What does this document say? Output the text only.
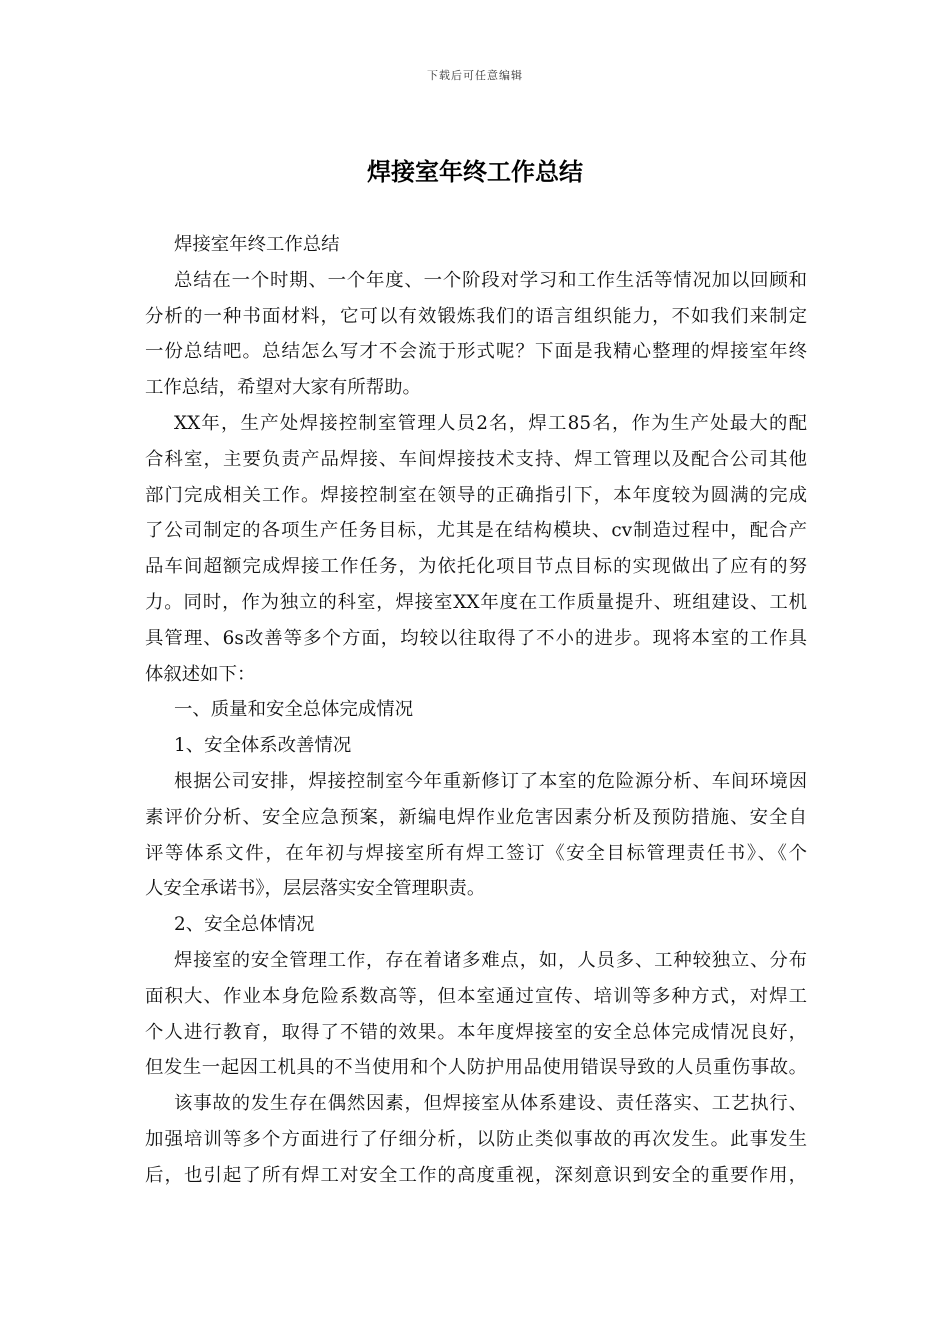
下载后可任意编辑
焊接室年终工作总结
焊接室年终工作总结
总结在一个时期、一个年度、一个阶段对学习和工作生活等情况加以回顾和
分析的一种书面材料，它可以有效锻炼我们的语言组织能力，不如我们来制定
一份总结吧。总结怎么写才不会流于形式呢？下面是我精心整理的焊接室年终
工作总结，希望对大家有所帮助。
XX年，生产处焊接控制室管理人员2名，焊工85名，作为生产处最大的配
合科室，主要负责产品焊接、车间焊接技术支持、焊工管理以及配合公司其他
部门完成相关工作。焊接控制室在领导的正确指引下，本年度较为圆满的完成
了公司制定的各项生产任务目标，尤其是在结构模块、cv制造过程中，配合产
品车间超额完成焊接工作任务，为依托化项目节点目标的实现做出了应有的努
力。同时，作为独立的科室，焊接室XX年度在工作质量提升、班组建设、工机
具管理、6s改善等多个方面，均较以往取得了不小的进步。现将本室的工作具
体叙述如下：
一、质量和安全总体完成情况
1、安全体系改善情况
根据公司安排，焊接控制室今年重新修订了本室的危险源分析、车间环境因
素评价分析、安全应急预案，新编电焊作业危害因素分析及预防措施、安全自
评等体系文件，在年初与焊接室所有焊工签订《安全目标管理责任书》、《个
人安全承诺书》，层层落实安全管理职责。
2、安全总体情况
焊接室的安全管理工作，存在着诸多难点，如，人员多、工种较独立、分布
面积大、作业本身危险系数高等，但本室通过宣传、培训等多种方式，对焊工
个人进行教育，取得了不错的效果。本年度焊接室的安全总体完成情况良好，
但发生一起因工机具的不当使用和个人防护用品使用错误导致的人员重伤事故。
该事故的发生存在偶然因素，但焊接室从体系建设、责任落实、工艺执行、
加强培训等多个方面进行了仔细分析，以防止类似事故的再次发生。此事发生
后，也引起了所有焊工对安全工作的高度重视，深刻意识到安全的重要作用，
